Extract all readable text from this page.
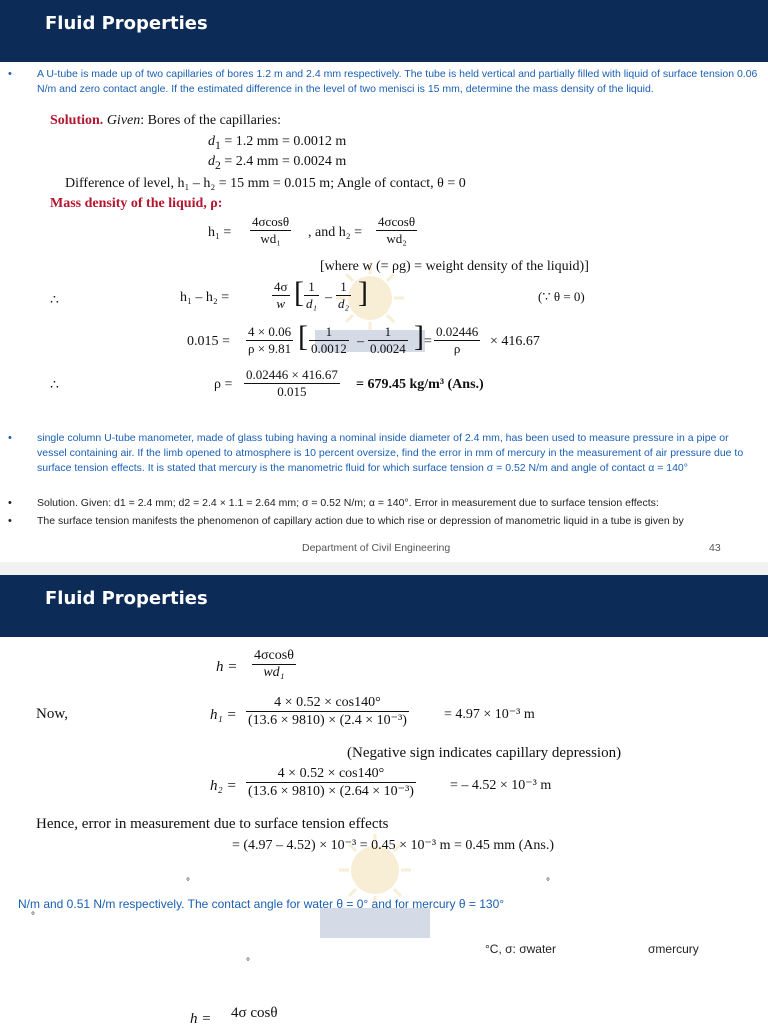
Fluid Properties
• A U-tube is made up of two capillaries of bores 1.2 m and 2.4 mm respectively. The tube is held vertical and partially filled with liquid of surface tension 0.06 N/m and zero contact angle. If the estimated difference in the level of two menisci is 15 mm, determine the mass density of the liquid.
Solution. Given: Bores of the capillaries:
$d_1 = 1.2$ mm = 0.0012 m
$d_2 = 2.4$ mm = 0.0024 m
Difference of level, h₁ – h₂ = 15 mm = 0.015 m; Angle of contact, θ = 0
Mass density of the liquid, ρ:
$h_1 = \frac{4\sigma\cos\theta}{\text{wd₁}}$ , and $h_2 = \frac{4\sigma\cos\theta}{\text{wd₂}}$
[where w (= ρg) = weight density of the liquid)]
∴	h₁ – h₂ =	$\frac{4\sigma}{w}$ [ $\frac{1}{\text{d₁}} - \frac{1}{\text{d₂}}$ ]	(∵ θ = 0)
$0.015 = \frac{4 \times 0.06}{\rho \times 9.81}$ [ $\frac{1}{0.0012} - \frac{1}{0.0024}$ ] = $\frac{0.02446}{\rho} \times 416.67$
∴	$\rho = \frac{0.02446 \times 416.67}{0.015} = 679.45$ kg/m³ (Ans.)
• single column U-tube manometer, made of glass tubing having a nominal inside diameter of 2.4 mm, has been used to measure pressure in a pipe or vessel containing air. If the limb opened to atmosphere is 10 percent oversize, find the error in mm of mercury in the measurement of air pressure due to surface tension effects. It is stated that mercury is the manometric fluid for which surface tension σ = 0.52 N/m and angle of contact α = 140°
• Solution. Given: d1 = 2.4 mm; d2 = 2.4 × 1.1 = 2.64 mm; σ = 0.52 N/m; α = 140°. Error in measurement due to surface tension effects:
• The surface tension manifests the phenomenon of capillary action due to which rise or depression of manometric liquid in a tube is given by
Department of Civil Engineering	43
Fluid Properties
$h = \frac{4\sigma\cos\theta}{\text{wd₁}}$
Now,	$h_1 = \frac{4 \times 0.52 \times \cos 140^\circ}{\text{(13.6 × 9810) × (2.4 × 10⁻³)}}$	= 4.97 × 10⁻³ m
(Negative sign indicates capillary depression)
$h_2 = \frac{4 \times 0.52 \times \cos 140^\circ}{\text{(13.6 × 9810) × (2.64 × 10⁻³)}}$ = – 4.52 × 10⁻³ m
Hence, error in measurement due to surface tension effects
= (4.97 – 4.52) × 10⁻³ = 0.45 × 10⁻³ m = 0.45 mm (Ans.)
°	°
N/m and 0.51 N/m respectively. The contact angle for water θ = 0° and for mercury θ = 130°
°
°C, σ: σwater	σmercury
°
h = 4σ cosθ
